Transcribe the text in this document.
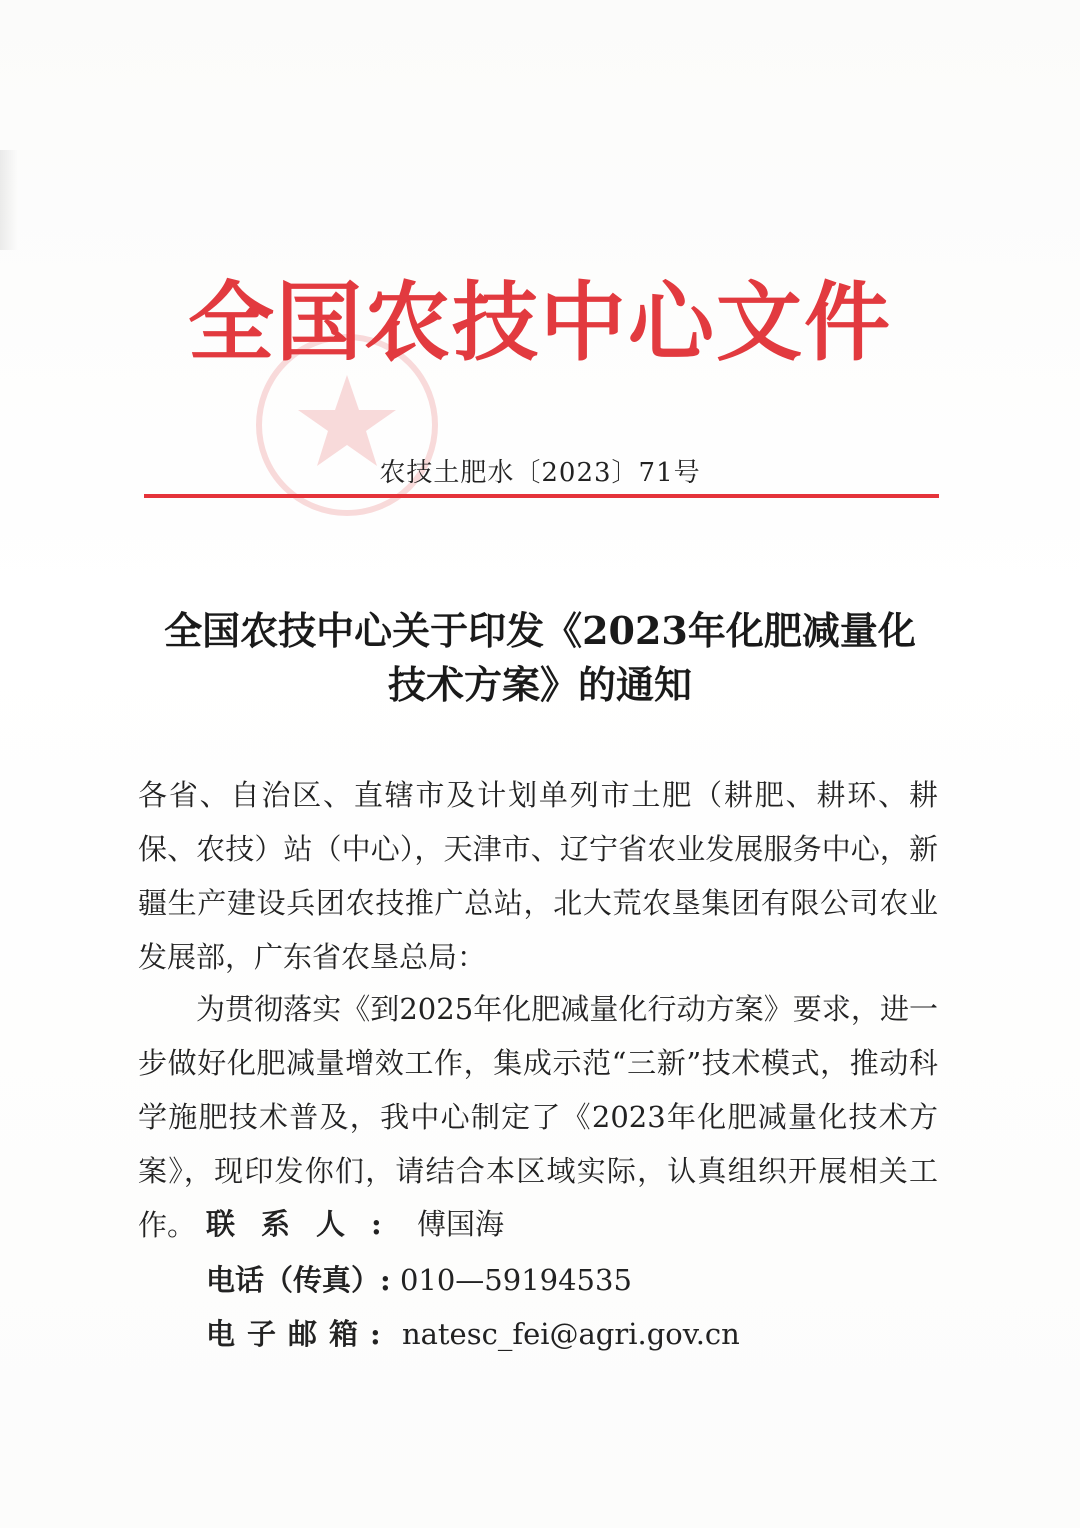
全国农技中心文件
农技土肥水〔2023〕71号
全国农技中心关于印发《2023年化肥减量化
技术方案》的通知
各省、自治区、直辖市及计划单列市土肥（耕肥、耕环、耕保、农技）站（中心），天津市、辽宁省农业发展服务中心，新疆生产建设兵团农技推广总站，北大荒农垦集团有限公司农业发展部，广东省农垦总局：
为贯彻落实《到2025年化肥减量化行动方案》要求，进一步做好化肥减量增效工作，集成示范“三新”技术模式，推动科学施肥技术普及，我中心制定了《2023年化肥减量化技术方案》，现印发你们，请结合本区域实际，认真组织开展相关工作。 联系人: 傅国海
电话（传真）: 010—59194535
电子邮箱: natesc_fei@agri.gov.cn
